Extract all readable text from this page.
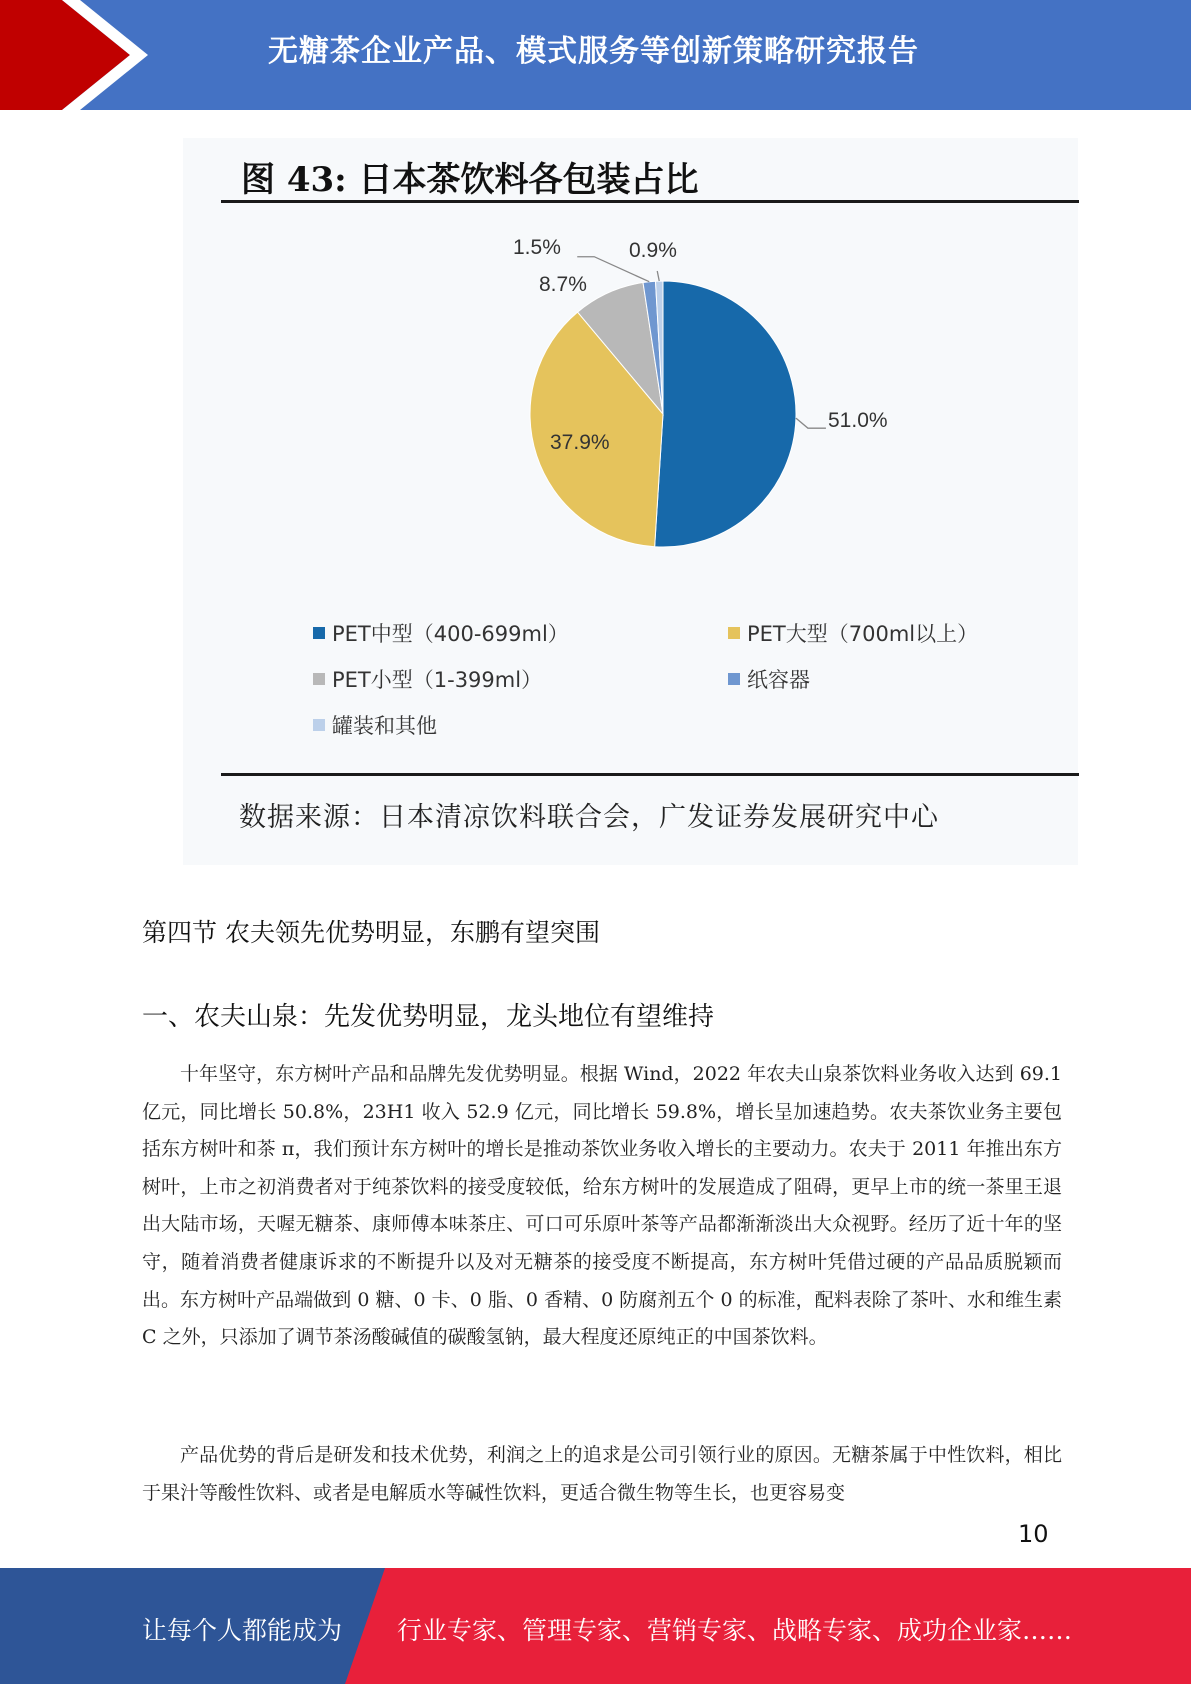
无糖茶企业产品、模式服务等创新策略研究报告
图 43: 日本茶饮料各包装占比
51.0%
37.9%
8.7%
1.5%	0.9%
PET中型（400-699ml）	PET大型（700ml以上）
PET小型（1-399ml）	纸容器
罐装和其他
数据来源：日本清凉饮料联合会，广发证券发展研究中心
第四节 农夫领先优势明显，东鹏有望突围
一、农夫山泉：先发优势明显，龙头地位有望维持

十年坚守，东方树叶产品和品牌先发优势明显。根据 Wind，2022 年农夫山泉茶饮料业务收入达到 69.1 亿元，同比增长 50.8%，23H1 收入 52.9 亿元，同比增长 59.8%，增长呈加速趋势。农夫茶饮业务主要包括东方树叶和茶 π，我们预计东方树叶的增长是推动茶饮业务收入增长的主要动力。农夫于 2011 年推出东方树叶，上市之初消费者对于纯茶饮料的接受度较低，给东方树叶的发展造成了阻碍，更早上市的统一茶里王退出大陆市场，天喔无糖茶、康师傅本味茶庄、可口可乐原叶茶等产品都渐渐淡出大众视野。经历了近十年的坚守，随着消费者健康诉求的不断提升以及对无糖茶的接受度不断提高，东方树叶凭借过硬的产品品质脱颖而出。东方树叶产品端做到 0 糖、0 卡、0 脂、0 香精、0 防腐剂五个 0 的标准，配料表除了茶叶、水和维生素 C 之外，只添加了调节茶汤酸碱值的碳酸氢钠，最大程度还原纯正的中国茶饮料。

产品优势的背后是研发和技术优势，利润之上的追求是公司引领行业的原因。无糖茶属于中性饮料，相比于果汁等酸性饮料、或者是电解质水等碱性饮料，更适合微生物等生长，也更容易变

10
让每个人都能成为 行业专家、管理专家、营销专家、战略专家、成功企业家……
